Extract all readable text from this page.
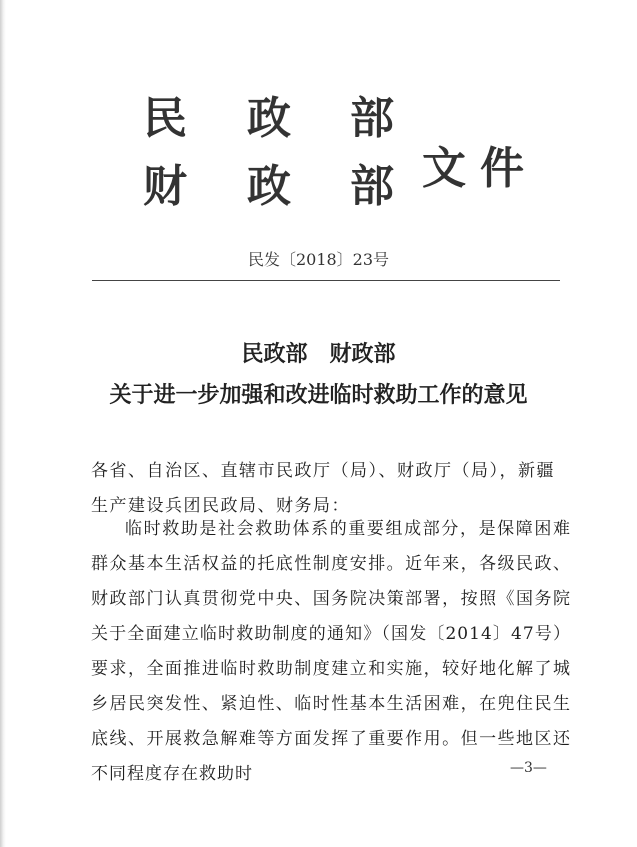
民 政 部
财 政 部 文件
民发〔2018〕23号
民政部　财政部
关于进一步加强和改进临时救助工作的意见
各省、自治区、直辖市民政厅（局）、财政厅（局），新疆生产建设兵团民政局、财务局：
临时救助是社会救助体系的重要组成部分，是保障困难群众基本生活权益的托底性制度安排。近年来，各级民政、财政部门认真贯彻党中央、国务院决策部署，按照《国务院关于全面建立临时救助制度的通知》（国发〔2014〕47号）要求，全面推进临时救助制度建立和实施，较好地化解了城乡居民突发性、紧迫性、临时性基本生活困难，在兜住民生底线、开展救急解难等方面发挥了重要作用。但一些地区还不同程度存在救助时	—3—
